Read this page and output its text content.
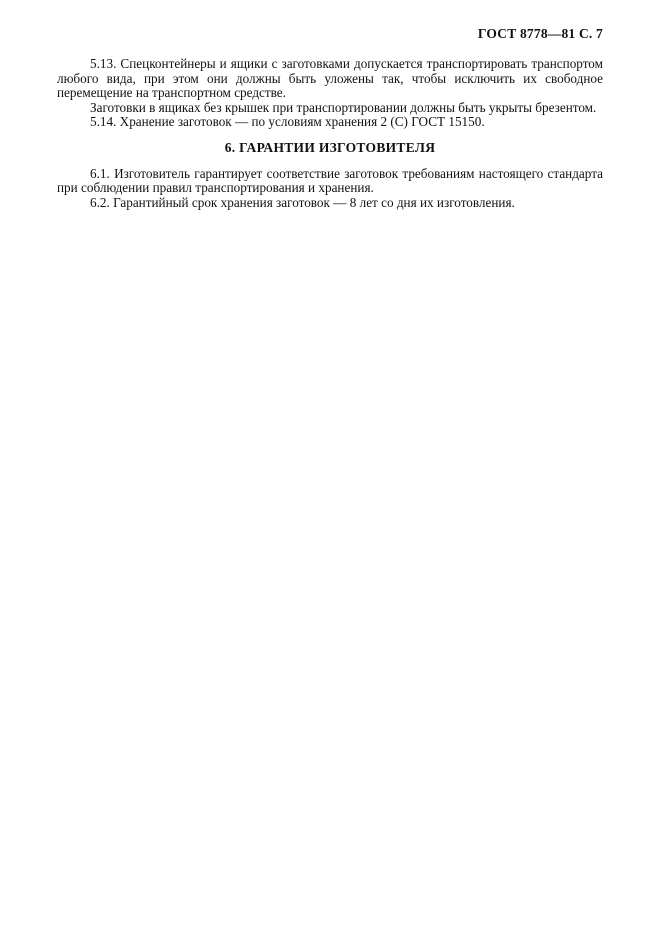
ГОСТ 8778—81 С. 7

5.13. Спецконтейнеры и ящики с заготовками допускается транспортировать транспортом любого вида, при этом они должны быть уложены так, чтобы исключить их свободное перемещение на транспортном средстве.

Заготовки в ящиках без крышек при транспортировании должны быть укрыты брезентом.

5.14. Хранение заготовок — по условиям хранения 2 (С) ГОСТ 15150.

6. ГАРАНТИИ ИЗГОТОВИТЕЛЯ

6.1. Изготовитель гарантирует соответствие заготовок требованиям настоящего стандарта при соблюдении правил транспортирования и хранения.

6.2. Гарантийный срок хранения заготовок — 8 лет со дня их изготовления.
